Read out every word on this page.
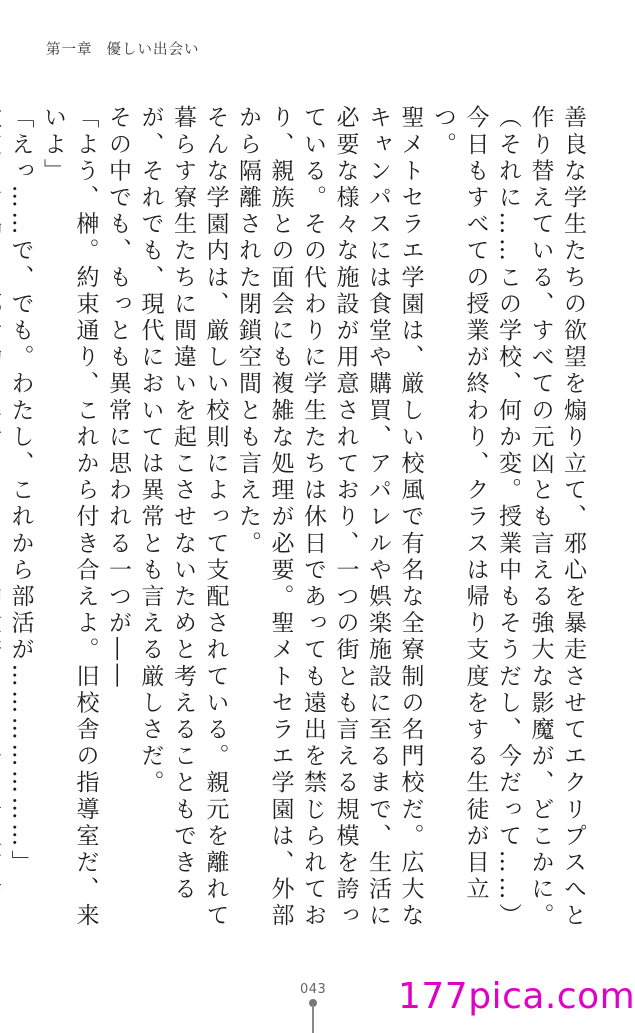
第一章 優しい出会い

善良な学生たちの欲望を煽り立て、邪心を暴走させてエクリプスへと作り替えている、すべての元凶とも言える強大な影魔が、どこかに。

（それに……この学校、何か変。授業中もそうだし、今だって……）

今日もすべての授業が終わり、クラスは帰り支度をする生徒が目立つ。

聖メトセラエ学園は、厳しい校風で有名な全寮制の名門校だ。広大なキャンパスには食堂や購買、アパレルや娯楽施設に至るまで、生活に必要な様々な施設が用意されており、一つの街とも言える規模を誇っている。その代わりに学生たちは休日であっても遠出を禁じられており、親族との面会にも複雑な処理が必要。聖メトセラエ学園は、外部から隔離された閉鎖空間とも言えた。

そんな学園内は、厳しい校則によって支配されている。親元を離れて暮らす寮生たちに間違いを起こさせないためと考えることもできるが、それでも、現代においては異常とも言える厳しさだ。

その中でも、もっとも異常に思われる一つが――

「よう、榊。約束通り、これから付き合えよ。旧校舎の指導室だ、来いよ」

「えっ……で、でも。わたし、これから部活が…………………」

043 177pica.com
